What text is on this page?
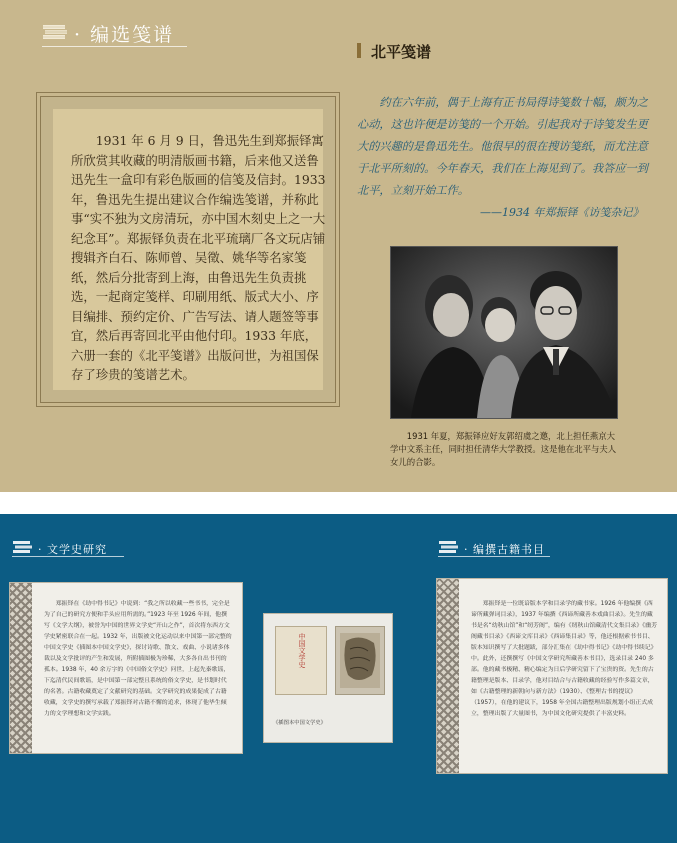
· 编选笺谱

1931 年 6 月 9 日，鲁迅先生到郑振铎寓所欣赏其收藏的明清版画书籍，后来他又送鲁迅先生一盒印有彩色版画的信笺及信封。1933 年，鲁迅先生提出建议合作编选笺谱，并称此事“实不独为文房清玩，亦中国木刻史上之一大纪念耳”。郑振铎负责在北平琉璃厂各文玩店铺搜辑齐白石、陈师曾、吴徵、姚华等名家笺纸，然后分批寄到上海，由鲁迅先生负责挑选，一起商定笺样、印刷用纸、版式大小、序目编排、预约定价、广告写法、请人题签等事宜，然后再寄回北平由他付印。1933 年底，六册一套的《北平笺谱》出版问世，为祖国保存了珍贵的笺谱艺术。

北平笺谱

约在六年前，偶于上海有正书局得诗笺数十幅，颇为之心动，这也许便是访笺的一个开始。引起我对于诗笺发生更大的兴趣的是鲁迅先生。他很早的很在搜访笺纸，而尤注意于北平所刻的。今年春天，我们在上海见到了。我答应一到北平，立刻开始工作。

——1934 年郑振铎《访笺杂记》

1931 年夏，郑振铎应好友郭绍虞之邀，北上担任燕京大学中文系主任，同时担任清华大学教授。这是他在北平与夫人女儿的合影。

· 文学史研究

郑振铎在《劫中得书记》中说到：“我之所以收藏一些书书，完全是为了自己的研究方便和手头应用所需的。”1923 年至 1926 年间，他撰写《文学大纲》，被誉为中国的世界文学史“开山之作”，首次将东西方文学史紧密联合在一起。1932 年，出版被文化运动以来中国第一部完整的中国文学史《插图本中国文学史》，探讨诗歌、散文、戏曲、小说诸多体裁以及文学批评的产生和发展，所附插图极为珍稀，大多各自出书刊的孤本。1938 年，40 余万字的《中国俗文学史》问世，上起先秦歌谣，下迄清代民间歌谣，是中国第一部完整且系统的俗文学史，是书划时代的名著。古籍收藏奠定了文献研究的基础。文学研究的成果促成了古籍收藏，文学史的撰写承载了郑振铎对古籍不懈的追求，体现了他毕生倾力的文学理想和文学实践。

中国文学史
《插图本中国文学史》
· 编撰古籍书目

郑振铎是一位既谙版本学和目录学的藏书家。1926 年他编撰《西谛所藏弹词目录》，1937 年编撰《西谛所藏善本戏曲目录》。先生的藏书是名“幼秋山馆”和“纫芳阁”，编有《纫秋山馆藏清代文集目录》《幽芳阁藏书目录》《西谛文库目录》《西谛集目录》等，他还根据索书书目、版本知识撰写了大批题跋，部分汇集在《劫中得书记》《劫中得书续记》中。此外，还撰撰写《中国文学研究所藏善本书目》，选录目录 240 多部。他的藏书极精、精心编定为日后学研究留下了宝贵的资。先生的古籍整理是版本、目录学，他对目结合与古籍收藏的经验写作多篇文章，如《古籍整理的新朝向与新方法》（1930）、《整理古书的提议》（1957），在他的建议下，1958 年全国古籍整理出版规划小组正式成立，整理出版了大量图书，为中国文化研究提供了丰富史料。
